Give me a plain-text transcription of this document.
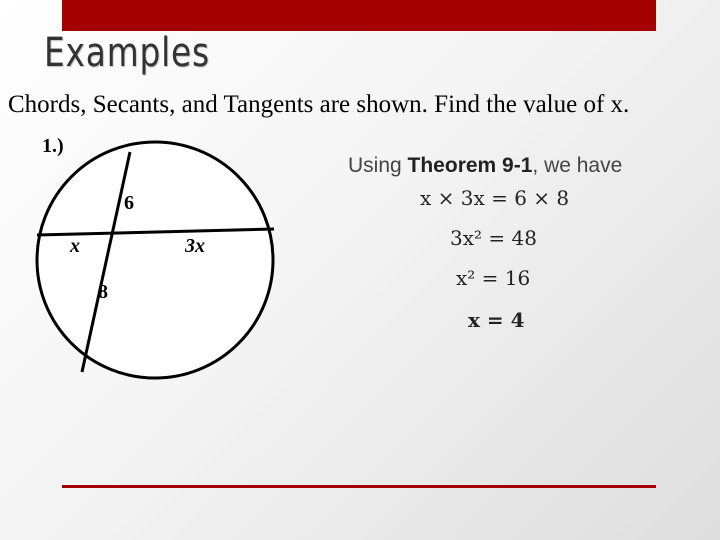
Examples

Chords, Secants, and Tangents are shown. Find the value of x.

1.)
6
x	3x
8
Using Theorem 9-1, we have
x × 3x = 6 × 8
3x² = 48
x² = 16
x = 4
